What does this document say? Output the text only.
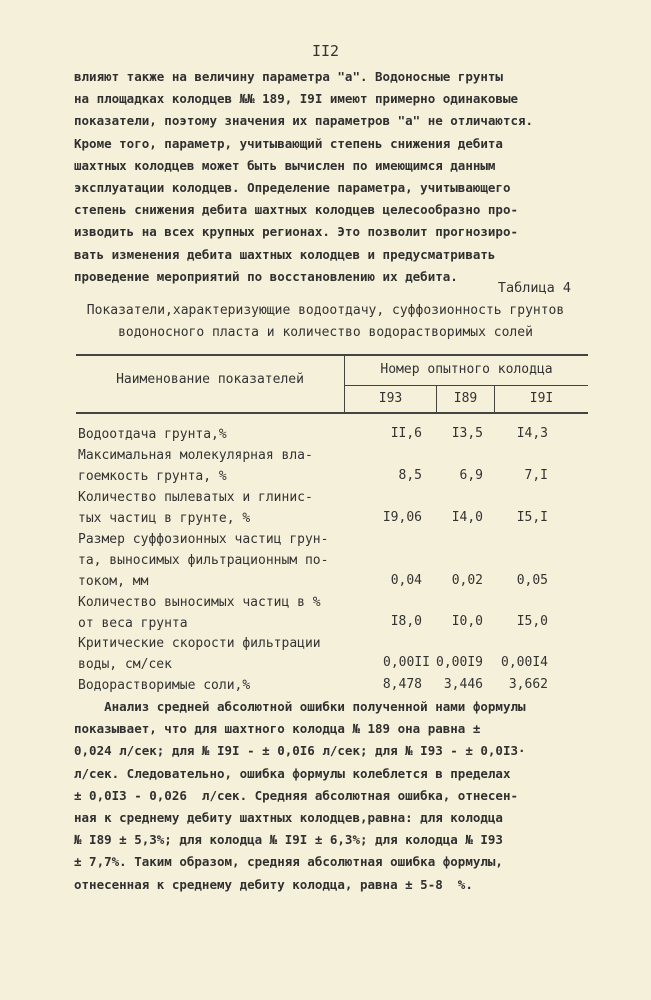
II2
влияют также на величину параметра "а". Водоносные грунты
на площадках колодцев №№ 189, I9I имеют примерно одинаковые
показатели, поэтому значения их параметров "а" не отличаются.
Кроме того, параметр, учитывающий степень снижения дебита
шахтных колодцев может быть вычислен по имеющимся данным
эксплуатации колодцев. Определение параметра, учитывающего
степень снижения дебита шахтных колодцев целесообразно про-
изводить на всех крупных регионах. Это позволит прогнозиро-
вать изменения дебита шахтных колодцев и предусматривать
проведение мероприятий по восстановлению их дебита.
Таблица 4
Показатели,характеризующие водоотдачу, суффозионность грунтов
водоносного пласта и количество водорастворимых солей
Наименование показателей
Номер опытного колодца
I93	I89	I9I
Водоотдача грунта,%	II,6	I3,5	I4,3
Максимальная молекулярная вла-
гоемкость грунта, %	8,5	6,9	7,I
Количество пылеватых и глинис-
тых частиц в грунте, %	I9,06	I4,0	I5,I
Размер суффозионных частиц грун-
та, выносимых фильтрационным по-
током, мм	0,04	0,02	0,05
Количество выносимых частиц в %
от веса грунта	I8,0	I0,0	I5,0
Критические скорости фильтрации
воды, см/сек	0,00II 0,00I9	0,00I4
Водорастворимые соли,%	8,478	3,446	3,662
Анализ средней абсолютной ошибки полученной нами формулы
показывает, что для шахтного колодца № 189 она равна ±
0,024 л/сек; для № I9I - ± 0,0I6 л/сек; для № I93 - ± 0,0I3·
л/сек. Следовательно, ошибка формулы колеблется в пределах
± 0,0I3 - 0,026  л/сек. Средняя абсолютная ошибка, отнесен-
ная к среднему дебиту шахтных колодцев,равна: для колодца
№ I89 ± 5,3%; для колодца № I9I ± 6,3%; для колодца № I93
± 7,7%. Таким образом, средняя абсолютная ошибка формулы,
отнесенная к среднему дебиту колодца, равна ± 5-8  %.
